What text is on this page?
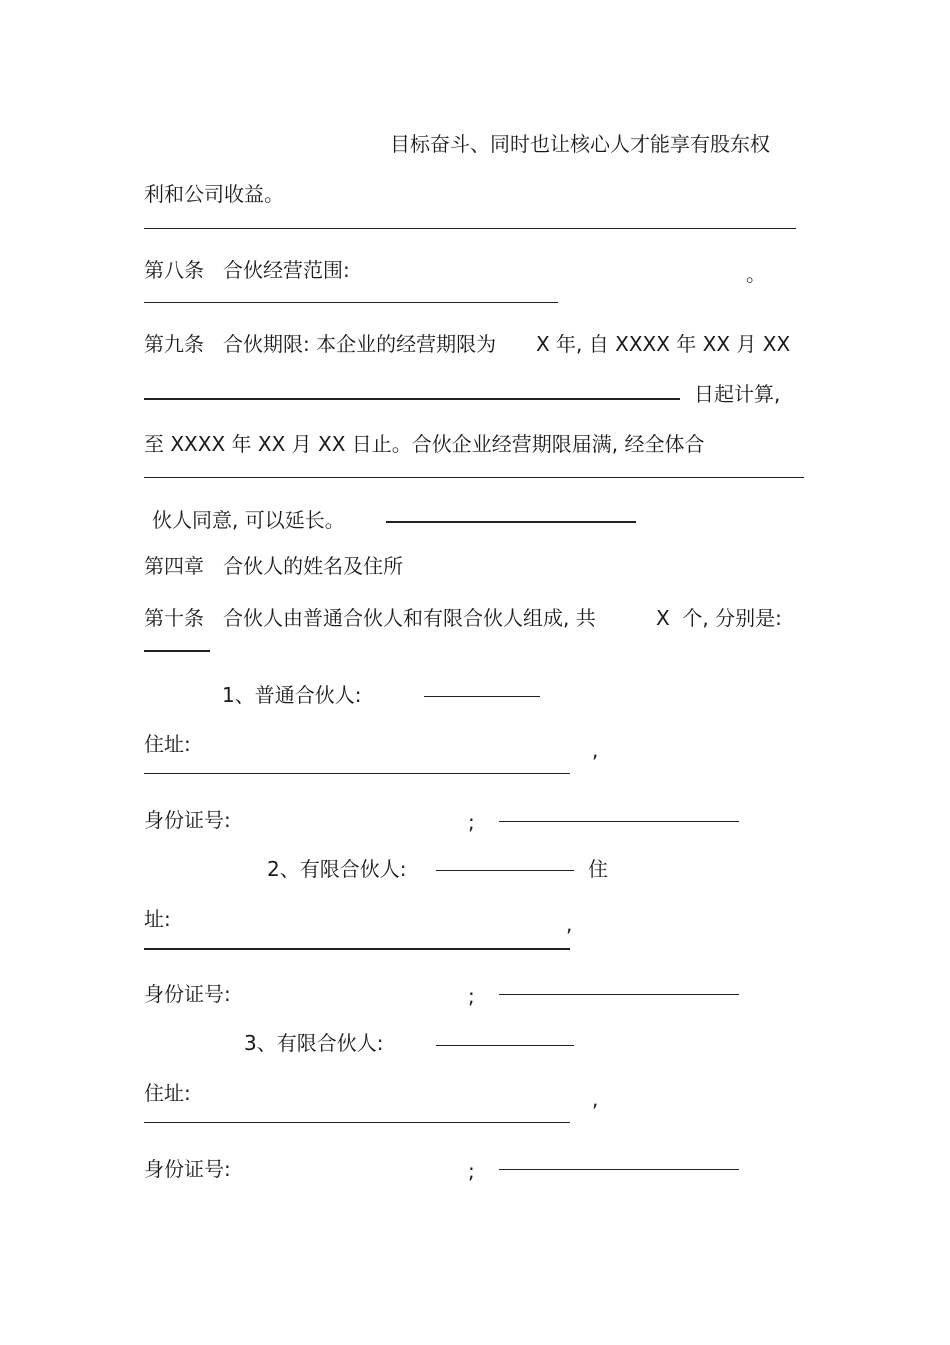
目标奋斗、同时也让核心人才能享有股东权
利和公司收益。
第八条 合伙经营范围:	。
第九条 合伙期限: 本企业的经营期限为 X 年, 自 XXXX 年 XX 月 XX
日起计算,
至 XXXX 年 XX 月 XX 日止。合伙企业经营期限届满, 经全体合
伙人同意, 可以延长。
第四章   合伙人的姓名及住所
第十条 合伙人由普通合伙人和有限合伙人组成, 共	X  个, 分别是:
1、普通合伙人:
住址:	,
身份证号:	;
2、有限合伙人:	住
址:	,
身份证号:	;
3、有限合伙人:
住址:	,
身份证号:	;
